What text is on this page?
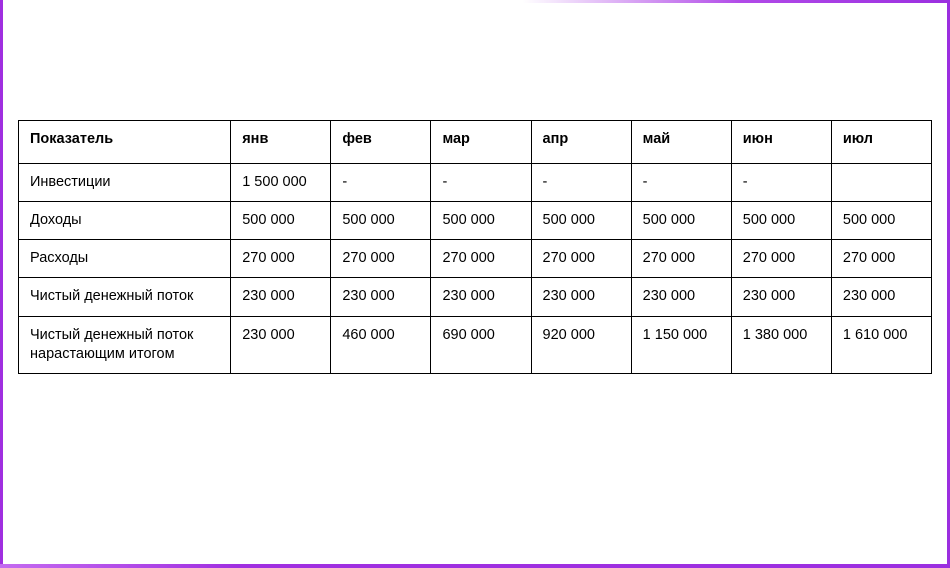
Показатель	янв	фев	мар	апр	май	июн	июл
Инвестиции	1 500 000	-	-	-	-	-	
Доходы	500 000	500 000	500 000	500 000	500 000	500 000	500 000
Расходы	270 000	270 000	270 000	270 000	270 000	270 000	270 000
Чистый денежный поток	230 000	230 000	230 000	230 000	230 000	230 000	230 000
Чистый денежный поток нарастающим итогом	230 000	460 000	690 000	920 000	1 150 000	1 380 000	1 610 000
